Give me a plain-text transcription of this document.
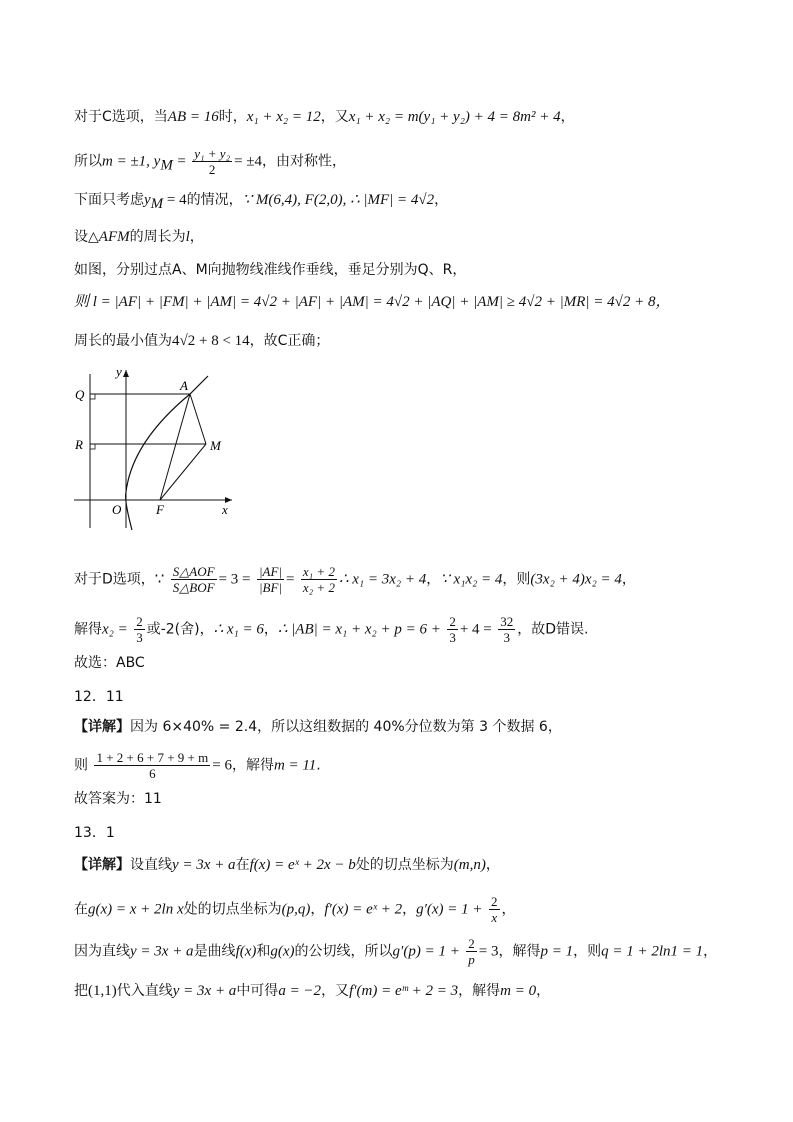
对于C选项，当AB = 16时，x₁ + x₂ = 12，又x₁ + x₂ = m(y₁ + y₂) + 4 = 8m² + 4，
所以m = ±1, $y_M = \frac{\text{y₁ + y₂}}{2} = \pm 4$，由对称性，
下面只考虑$y_M = 4$的情况，∵ M(6,4), F(2,0), ∴ |MF| = 4√2，
设△AFM的周长为l，
如图，分别过点A、M向抛物线准线作垂线，垂足分别为Q、R，
则 l = |AF| + |FM| + |AM| = 4√2 + |AF| + |AM| = 4√2 + |AQ| + |AM| ≥ 4√2 + |MR| = 4√2 + 8，
周长的最小值为4√2 + 8 < 14，故C正确；
y
x
A
M
Q
R
O	F
对于D选项，∵ $\frac{\text{S△AOF}}{\text{S△BOF}} = 3 = \frac{|AF|}{|BF|} = \frac{\text{x₁ + 2}}{\text{x₂ + 2}}$ ∴ x₁ = 3x₂ + 4，∵ x₁x₂ = 4，则(3x₂ + 4)x₂ = 4，
解得$x_2 = \frac{2}{3}$ 或-2(舍)，∴ x₁ = 6，∴ $|AB| = x_1 + x_2 + p = 6 + \frac{2}{3} + 4 = \frac{32}{3}$ ，故D错误.
故选：ABC
12．11
【详解】因为 6×40% = 2.4，所以这组数据的 40%分位数为第 3 个数据 6，
则 $\frac{1 + 2 + 6 + 7 + 9 + m}{6} = 6$，解得m = 11.
故答案为：11
13．1
【详解】设直线y = 3x + a在f(x) = eˣ + 2x − b处的切点坐标为(m,n)，
在g(x) = x + 2ln x处的切点坐标为(p,q)，f′(x) = eˣ + 2，$g'(x) = 1 + \frac{2}{x}$ ，
因为直线y = 3x + a是曲线f(x)和g(x)的公切线，所以$g'(p) = 1 + \frac{2}{p} = 3$，解得p = 1，则q = 1 + 2ln1 = 1，
把(1,1)代入直线y = 3x + a中可得a = −2，又f′(m) = eᵐ + 2 = 3，解得m = 0，
